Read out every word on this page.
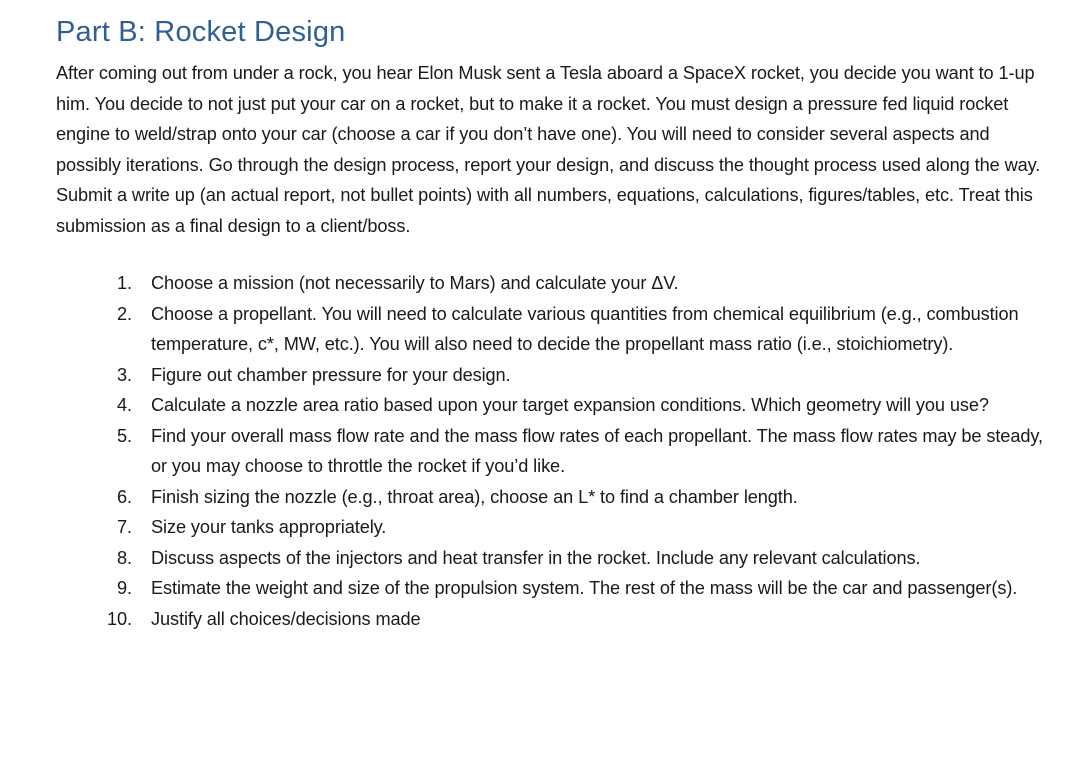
Part B: Rocket Design

After coming out from under a rock, you hear Elon Musk sent a Tesla aboard a SpaceX rocket, you decide you want to 1-up him. You decide to not just put your car on a rocket, but to make it a rocket. You must design a pressure fed liquid rocket engine to weld/strap onto your car (choose a car if you don’t have one). You will need to consider several aspects and possibly iterations. Go through the design process, report your design, and discuss the thought process used along the way. Submit a write up (an actual report, not bullet points) with all numbers, equations, calculations, figures/tables, etc. Treat this submission as a final design to a client/boss.

1.	Choose a mission (not necessarily to Mars) and calculate your ΔV.
2.	Choose a propellant. You will need to calculate various quantities from chemical equilibrium (e.g., combustion temperature, c*, MW, etc.). You will also need to decide the propellant mass ratio (i.e., stoichiometry).
3.	Figure out chamber pressure for your design.
4.	Calculate a nozzle area ratio based upon your target expansion conditions. Which geometry will you use?
5.	Find your overall mass flow rate and the mass flow rates of each propellant. The mass flow rates may be steady, or you may choose to throttle the rocket if you’d like.
6.	Finish sizing the nozzle (e.g., throat area), choose an L* to find a chamber length.
7.	Size your tanks appropriately.
8.	Discuss aspects of the injectors and heat transfer in the rocket. Include any relevant calculations.
9.	Estimate the weight and size of the propulsion system. The rest of the mass will be the car and passenger(s).
10.	Justify all choices/decisions made
